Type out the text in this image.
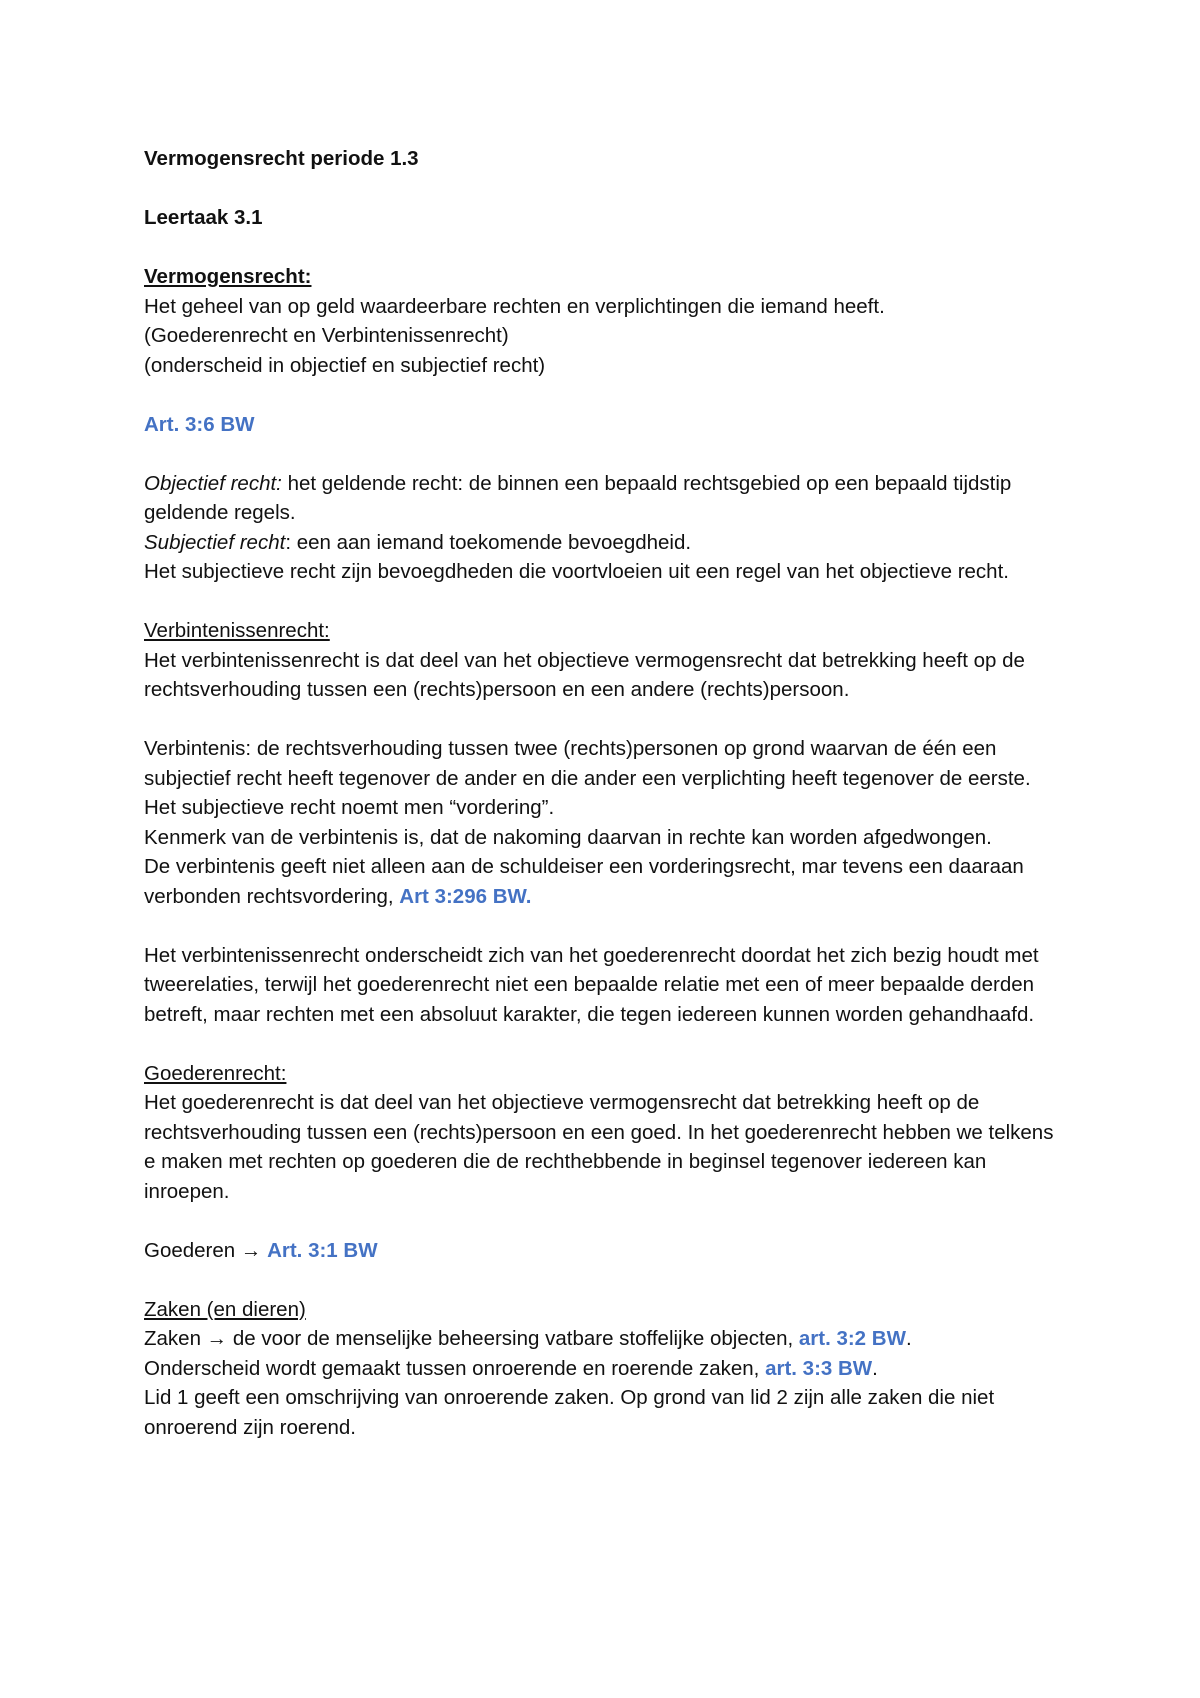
Vermogensrecht periode 1.3

Leertaak 3.1

Vermogensrecht:

Het geheel van op geld waardeerbare rechten en verplichtingen die iemand heeft.

(Goederenrecht en Verbintenissenrecht)

(onderscheid in objectief en subjectief recht)

Art. 3:6 BW

Objectief recht: het geldende recht: de binnen een bepaald rechtsgebied op een bepaald tijdstip geldende regels.

Subjectief recht: een aan iemand toekomende bevoegdheid.

Het subjectieve recht zijn bevoegdheden die voortvloeien uit een regel van het objectieve recht.

Verbintenissenrecht:

Het verbintenissenrecht is dat deel van het objectieve vermogensrecht dat betrekking heeft op de rechtsverhouding tussen een (rechts)persoon en een andere (rechts)persoon.

Verbintenis: de rechtsverhouding tussen twee (rechts)personen op grond waarvan de één een subjectief recht heeft tegenover de ander en die ander een verplichting heeft tegenover de eerste. Het subjectieve recht noemt men “vordering”.

Kenmerk van de verbintenis is, dat de nakoming daarvan in rechte kan worden afgedwongen.

De verbintenis geeft niet alleen aan de schuldeiser een vorderingsrecht, mar tevens een daaraan verbonden rechtsvordering, Art 3:296 BW.

Het verbintenissenrecht onderscheidt zich van het goederenrecht doordat het zich bezig houdt met tweerelaties, terwijl het goederenrecht niet een bepaalde relatie met een of meer bepaalde derden betreft, maar rechten met een absoluut karakter, die tegen iedereen kunnen worden gehandhaafd.

Goederenrecht:

Het goederenrecht is dat deel van het objectieve vermogensrecht dat betrekking heeft op de rechtsverhouding tussen een (rechts)persoon en een goed. In het goederenrecht hebben we telkens e maken met rechten op goederen die de rechthebbende in beginsel tegenover iedereen kan inroepen.

Goederen → Art. 3:1 BW

Zaken (en dieren)

Zaken → de voor de menselijke beheersing vatbare stoffelijke objecten, art. 3:2 BW.

Onderscheid wordt gemaakt tussen onroerende en roerende zaken, art. 3:3 BW.

Lid 1 geeft een omschrijving van onroerende zaken. Op grond van lid 2 zijn alle zaken die niet onroerend zijn roerend.
